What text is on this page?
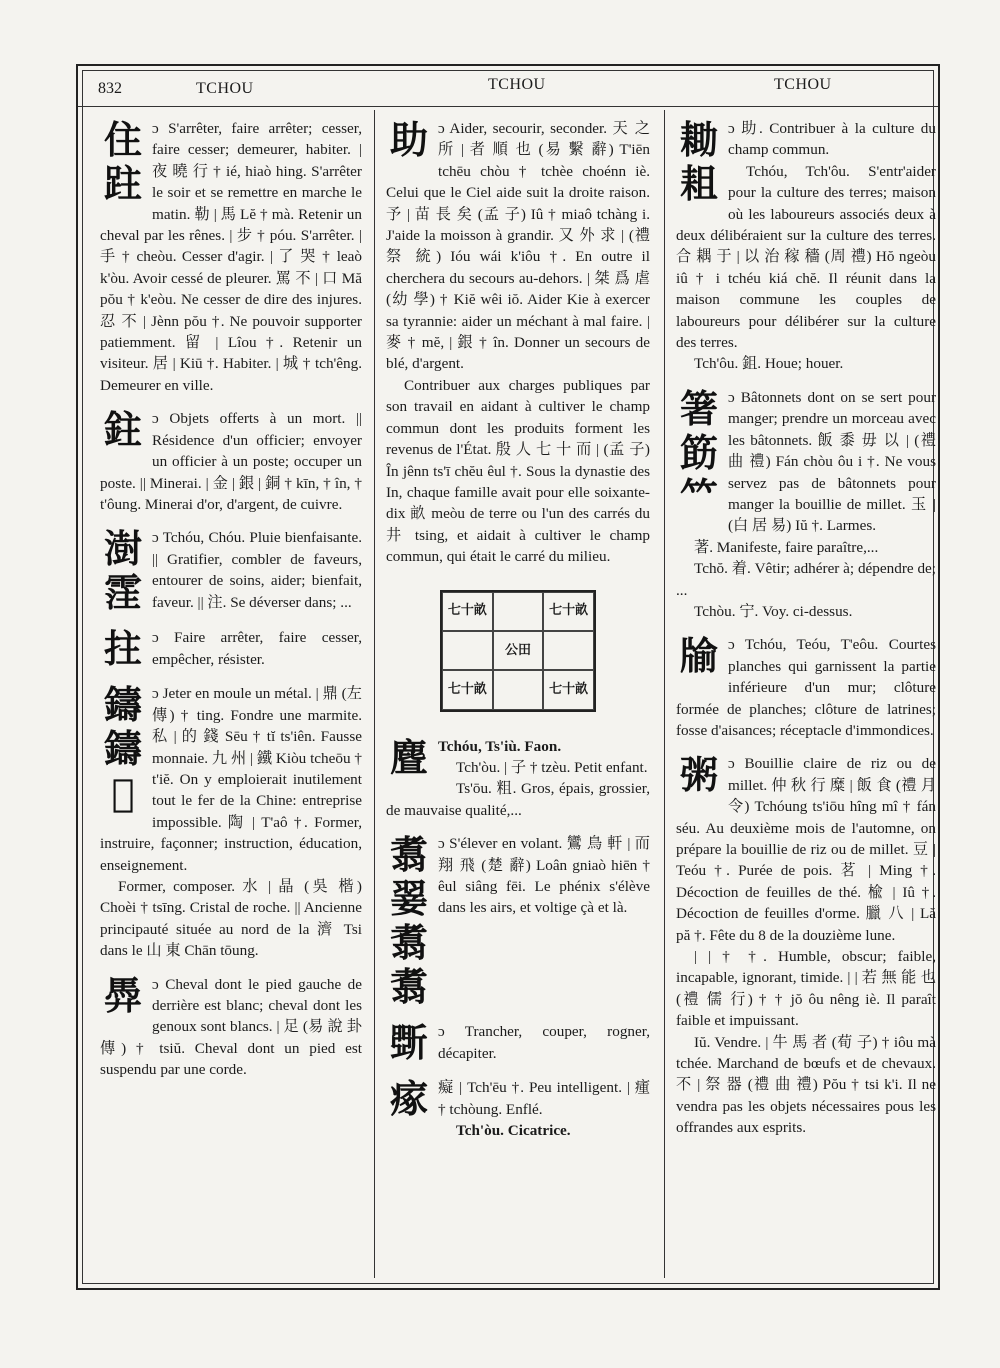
832	TCHOU	TCHOU	TCHOU
住
跓

ɔ S'arrêter, faire arrêter; cesser, faire cesser; demeurer, habiter. | 夜 曉 行 † ié, hiaò hing. S'arrêter le soir et se remettre en marche le matin. 勒 | 馬 Lĕ † mà. Retenir un cheval par les rênes. | 步 † póu. S'arrêter. | 手 † cheòu. Cesser d'agir. | 了 哭 † leaò k'òu. Avoir cessé de pleurer. 罵 不 | 口 Mă pŏu † k'eòu. Ne cesser de dire des injures. 忍 不 | Jènn pŏu †. Ne pouvoir supporter patiemment. 留 | Lîou †. Retenir un visiteur. 居 | Kiū †. Habiter. | 城 † tch'êng. Demeurer en ville.

鉒 ɔ Objets offerts à un mort. || Résidence d'un officier; envoyer un officier à un poste; occuper un poste. || Minerai. | 金 | 銀 | 銅 † kīn, † în, † t'ôung. Minerai d'or, d'argent, de cuivre.

澍
霔

ɔ Tchóu, Chóu. Pluie bienfaisante. || Gratifier, combler de faveurs, entourer de soins, aider; bienfait, faveur. || 注. Se déverser dans; ...

拄 ɔ Faire arrêter, faire cesser, empêcher, résister.

鑄
鑄
𢎆

ɔ Jeter en moule un métal. | 鼎 (左 傳) † ting. Fondre une marmite. 私 | 的 錢 Sēu † tĭ ts'iên. Fausse monnaie. 九 州 | 鐵 Kiòu tcheōu † t'iĕ. On y emploierait inutilement tout le fer de la Chine: entreprise impossible. 陶 | T'aô †. Former, instruire, façonner; instruction, éducation, enseignement.

Former, composer. 水 | 晶 (吳 楷) Choèi † tsīng. Cristal de roche. || Ancienne principauté située au nord de la 濟 Tsi dans le 山 東 Chān tōung.

馵 ɔ Cheval dont le pied gauche de derrière est blanc; cheval dont les genoux sont blancs. | 足 (易 說 卦 傳) † tsiŭ. Cheval dont un pied est suspendu par une corde.

助 ɔ Aider, secourir, seconder. 天 之 所 | 者 順 也 (易 繫 辭) T'iēn tchēu chòu † tchèe choénn iè. Celui que le Ciel aide suit la droite raison. 予 | 苗 長 矣 (孟 子) Iû † miaô tchàng i. J'aide la moisson à grandir. 又 外 求 | (禮 祭 統) Ióu wái k'iôu †. En outre il cherchera du secours au-dehors. | 桀 爲 虐 (幼 學) † Kiĕ wêi iŏ. Aider Kie à exercer sa tyrannie: aider un méchant à mal faire. | 麥 † mĕ, | 銀 † în. Donner un secours de blé, d'argent.

Contribuer aux charges publiques par son travail en aidant à cultiver le champ commun dont les produits forment les revenus de l'État. 殷 人 七 十 而 | (孟 子) În jênn ts'ī chĕu êul †. Sous la dynastie des In, chaque famille avait pour elle soixante-dix 畝 meòu de terre ou l'un des carrés du 井 tsing, et aidait à cultiver le champ commun, qui était le carré du milieu.

七十畝	七十畝
公田
七十畝	七十畝
麆 Tchóu, Ts'iù. Faon.

Tch'òu. | 子 † tzèu. Petit enfant.

Ts'ōu. 粗. Gros, épais, grossier, de mauvaise qualité,...

翥
翣
翥
翥

ɔ S'élever en volant. 鸞 鳥 軒 | 而 翔 飛 (楚 辭) Loân gniaò hiēn † êul siâng fēi. Le phénix s'élève dans les airs, et voltige çà et là.

斲 ɔ Trancher, couper, rogner, décapiter.

瘃 癡 | Tch'ēu †. Peu intelligent. | 瘇 † tchòung. Enflé.

Tch'òu. Cicatrice.

耡
耝

ɔ 助. Contribuer à la culture du champ commun.

Tchóu, Tch'ôu. S'entr'aider pour la culture des terres; maison où les laboureurs associés deux à deux délibéraient sur la culture des terres. 合 耦 于 | 以 治 稼 穡 (周 禮) Hŏ ngeòu iû † i tchéu kiá chĕ. Il réunit dans la maison commune les couples de laboureurs pour délibérer sur la culture des terres.

Tch'ôu. 鉏. Houe; houer.

箸
筯
𥫗

ɔ Bâtonnets dont on se sert pour manger; prendre un morceau avec les bâtonnets. 飯 黍 毋 以 | (禮 曲 禮) Fán chòu ôu i †. Ne vous servez pas de bâtonnets pour manger la bouillie de millet. 玉 | (白 居 易) Iŭ †. Larmes.

著. Manifeste, faire paraître,...

Tchŏ. 着. Vêtir; adhérer à; dépendre de; ...

Tchòu. 宁. Voy. ci-dessus.

牏 ɔ Tchóu, Teóu, T'eôu. Courtes planches qui garnissent la partie inférieure d'un mur; clôture formée de planches; clôture de latrines; fosse d'aisances; réceptacle d'immondices.

粥 ɔ Bouillie claire de riz ou de millet. 仲 秋 行 糜 | 飯 食 (禮 月 令) Tchóung ts'iōu hîng mî † fán séu. Au deuxième mois de l'automne, on prépare la bouillie de riz ou de millet. 豆 | Teóu †. Purée de pois. 茗 | Ming †. Décoction de feuilles de thé. 楡 | Iû †. Décoction de feuilles d'orme. 臘 八 | Lă pă †. Fête du 8 de la douzième lune.

| | † †. Humble, obscur; faible, incapable, ignorant, timide. | | 若 無 能 也 (禮 儒 行) † † jŏ ôu nêng iè. Il paraît faible et impuissant.

Iŭ. Vendre. | 牛 馬 者 (荀 子) † iôu mà tchée. Marchand de bœufs et de chevaux. 不 | 祭 器 (禮 曲 禮) Pŏu † tsi k'i. Il ne vendra pas les objets nécessaires pous les offrandes aux esprits.
